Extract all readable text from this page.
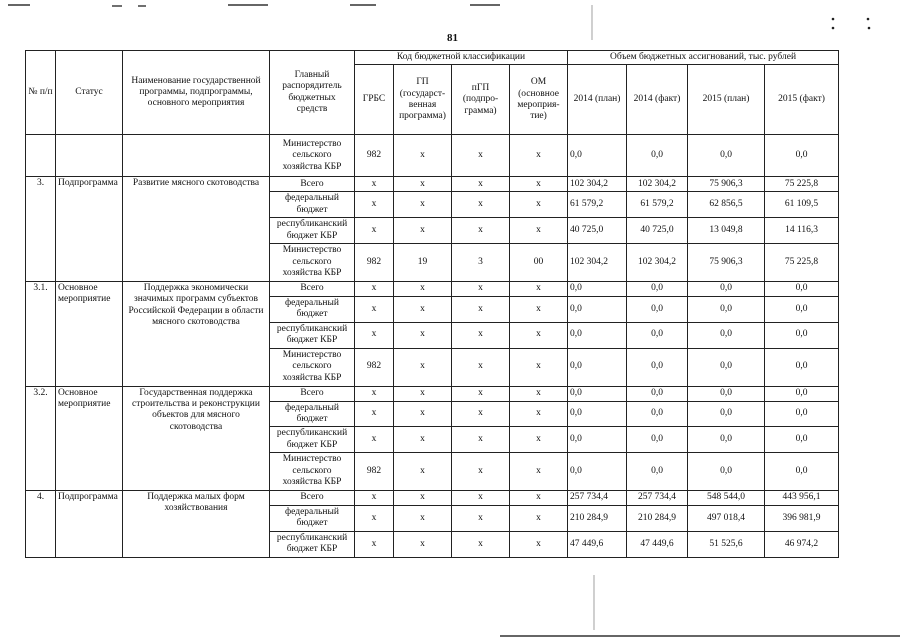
81
№ п/п	Статус	Наименование государственной программы, подпрограммы, основного мероприятия	Главный распорядитель бюджетных средств	Код бюджетной классификации				Объем бюджетных ассигнований, тыс. рублей			
				ГРБС	ГП (государст-венная программа)	пГП (подпро-грамма)	ОМ (основное мероприя-тие)	2014 (план)	2014 (факт)	2015 (план)	2015 (факт)
			Министерство сельского хозяйства КБР	982	х	х	х	0,0	0,0	0,0	0,0
3.	Подпрограмма	Развитие мясного скотоводства	Всего	х	х	х	х	102 304,2	102 304,2	75 906,3	75 225,8
			федеральный бюджет	х	х	х	х	61 579,2	61 579,2	62 856,5	61 109,5
			республиканский бюджет КБР	х	х	х	х	40 725,0	40 725,0	13 049,8	14 116,3
			Министерство сельского хозяйства КБР	982	19	3	00	102 304,2	102 304,2	75 906,3	75 225,8
3.1.	Основное мероприятие	Поддержка экономически значимых программ субъектов Российской Федерации в области мясного скотоводства	Всего	х	х	х	х	0,0	0,0	0,0	0,0
			федеральный бюджет	х	х	х	х	0,0	0,0	0,0	0,0
			республиканский бюджет КБР	х	х	х	х	0,0	0,0	0,0	0,0
			Министерство сельского хозяйства КБР	982	х	х	х	0,0	0,0	0,0	0,0
3.2.	Основное мероприятие	Государственная поддержка строительства и реконструкции объектов для мясного скотоводства	Всего	х	х	х	х	0,0	0,0	0,0	0,0
			федеральный бюджет	х	х	х	х	0,0	0,0	0,0	0,0
			республиканский бюджет КБР	х	х	х	х	0,0	0,0	0,0	0,0
			Министерство сельского хозяйства КБР	982	х	х	х	0,0	0,0	0,0	0,0
4.	Подпрограмма	Поддержка малых форм хозяйствования	Всего	х	х	х	х	257 734,4	257 734,4	548 544,0	443 956,1
			федеральный бюджет	х	х	х	х	210 284,9	210 284,9	497 018,4	396 981,9
			республиканский бюджет КБР	х	х	х	х	47 449,6	47 449,6	51 525,6	46 974,2
